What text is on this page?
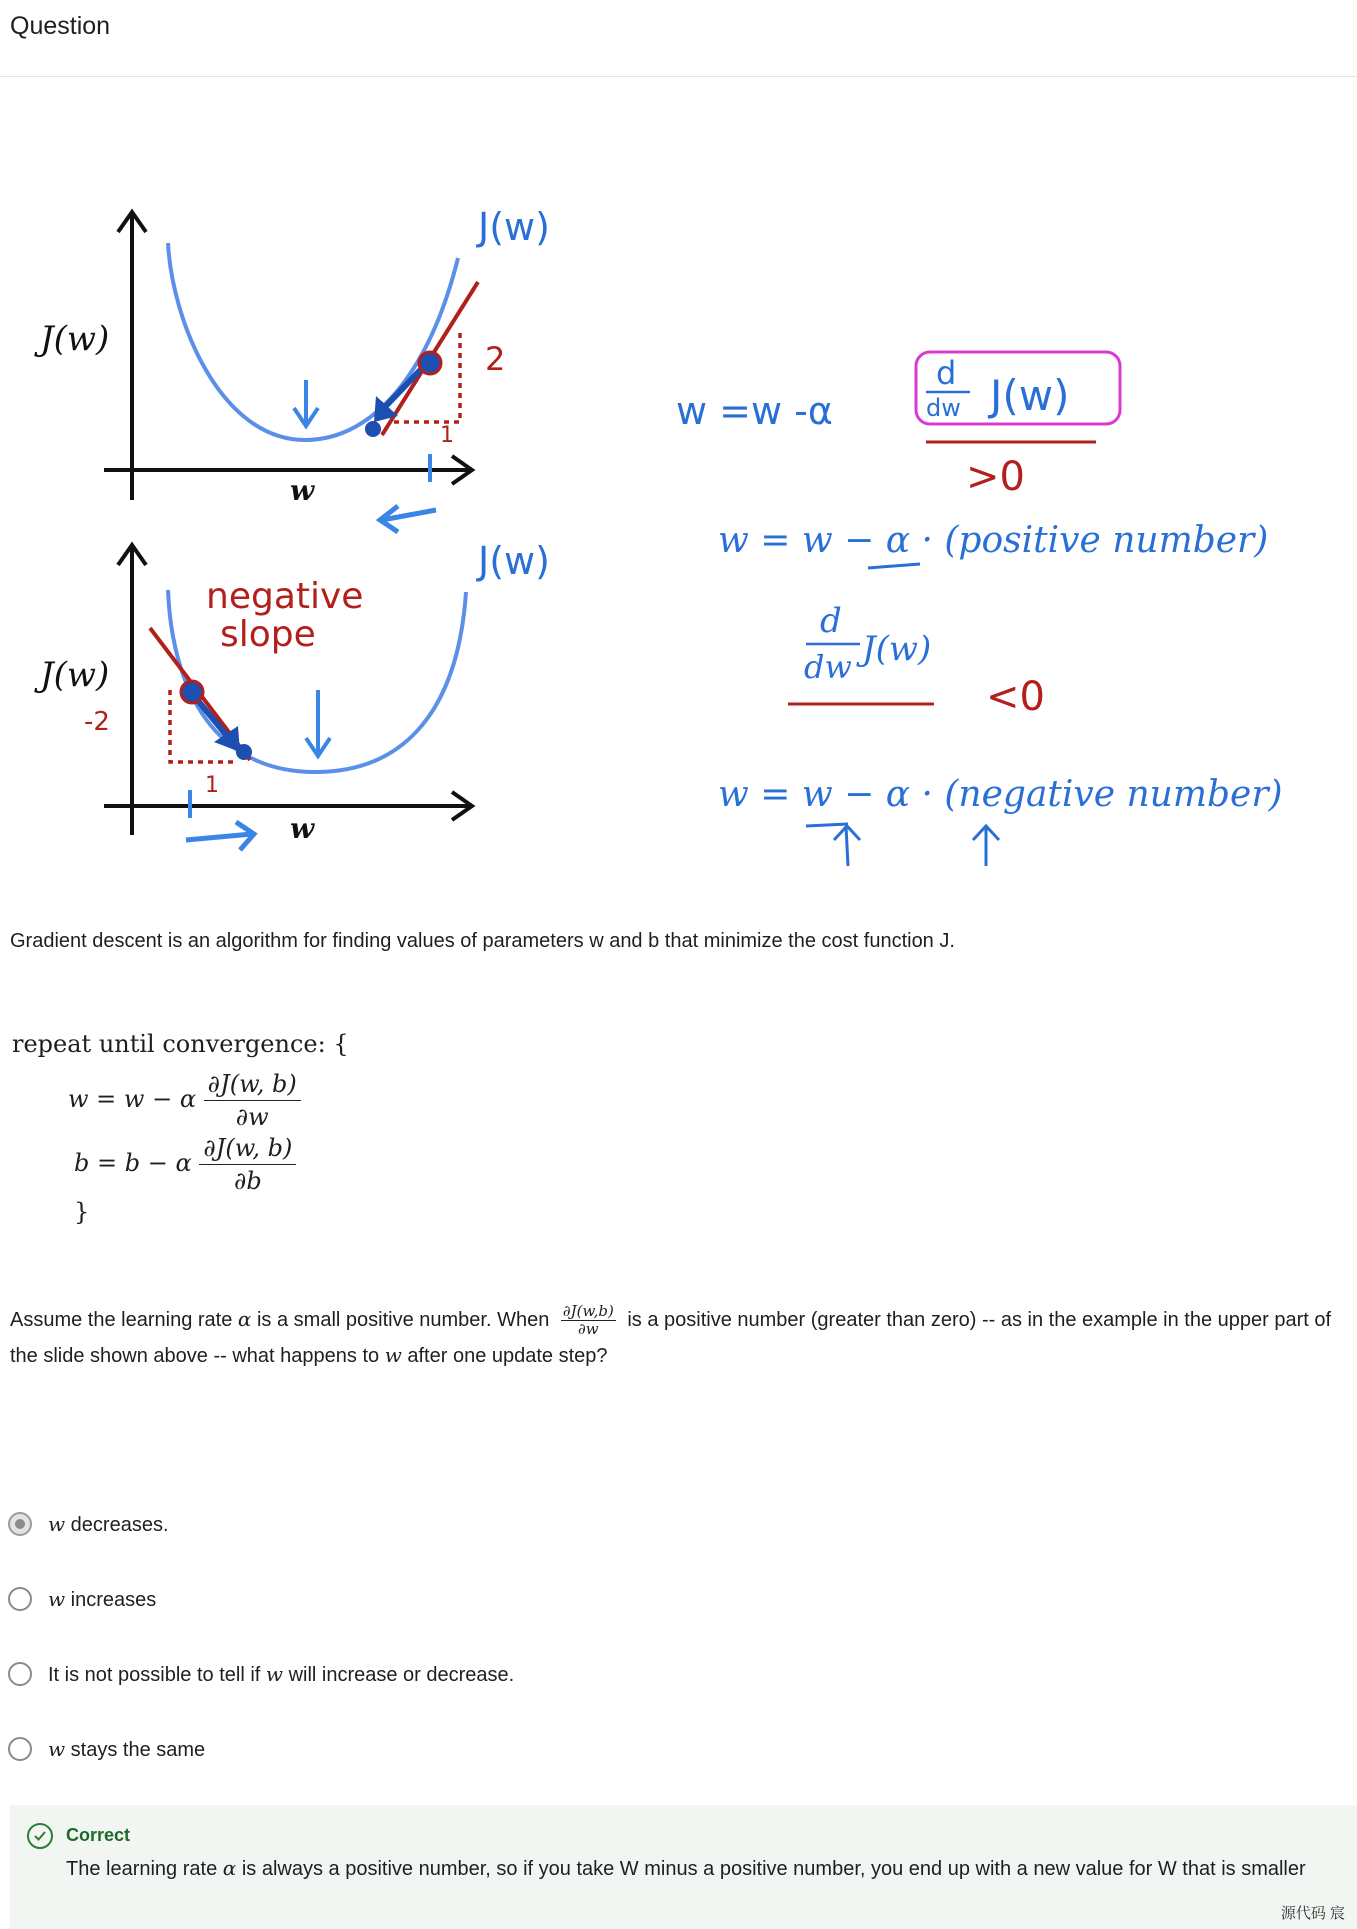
Question
J(w)
J(w)
w
2
1
w =w -α
d
dw J(w)
>0
w = w − α · (positive number)
J(w)
J(w)
-2
1
w
negative
slope	d
dw J(w)
<0
w = w − α · (negative number)
Gradient descent is an algorithm for finding values of parameters w and b that minimize the cost function J.
repeat until convergence: {
w = w − α $\frac{\partial J(w, b)}{\partial w}$
b = b − α $\frac{\partial J(w, b)}{\partial b}$
}
Assume the learning rate α is a small positive number. When $\frac{\partial J(w,b)}{\partial w}$ is a positive number (greater than zero) -- as in the example in the upper part of the slide shown above -- what happens to w after one update step?
w decreases.
w increases
It is not possible to tell if w will increase or decrease.
w stays the same
Correct
The learning rate α is always a positive number, so if you take W minus a positive number, you end up with a new value for W that is smaller
源代码 宸
